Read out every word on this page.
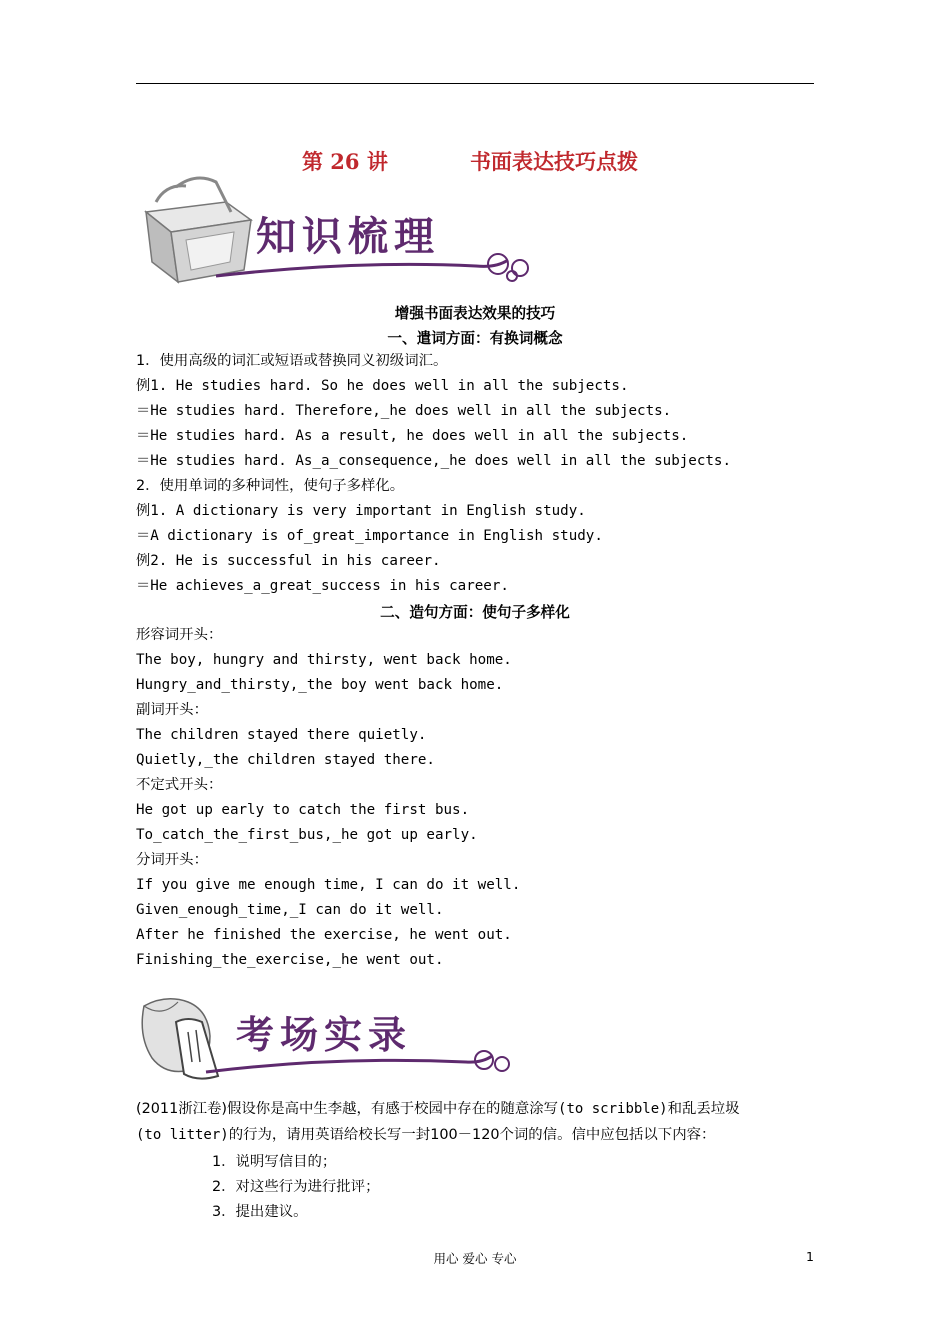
第 26 讲	书面表达技巧点拨
知识梳理
增强书面表达效果的技巧
一、遣词方面：有换词概念
1．使用高级的词汇或短语或替换同义初级词汇。
例1. He studies hard. So he does well in all the subjects.
＝He studies hard. Therefore,_he does well in all the subjects.
＝He studies hard. As a result, he does well in all the subjects.
＝He studies hard. As_a_consequence,_he does well in all the subjects.
2．使用单词的多种词性，使句子多样化。
例1. A dictionary is very important in English study.
＝A dictionary is of_great_importance in English study.
例2. He is successful in his career.
＝He achieves_a_great_success in his career.
二、造句方面：使句子多样化
形容词开头：
The boy, hungry and thirsty, went back home.
Hungry_and_thirsty,_the boy went back home.
副词开头：
The children stayed there quietly.
Quietly,_the children stayed there.
不定式开头：
He got up early to catch the first bus.
To_catch_the_first_bus,_he got up early.
分词开头：
If you give me enough time, I can do it well.
Given_enough_time,_I can do it well.
After he finished the exercise, he went out.
Finishing_the_exercise,_he went out.
考场实录
(2011浙江卷)假设你是高中生李越，有感于校园中存在的随意涂写(to scribble)和乱丢垃圾
(to litter)的行为，请用英语给校长写一封100－120个词的信。信中应包括以下内容：
1．说明写信目的；
2．对这些行为进行批评；
3．提出建议。
用心 爱心 专心	1
